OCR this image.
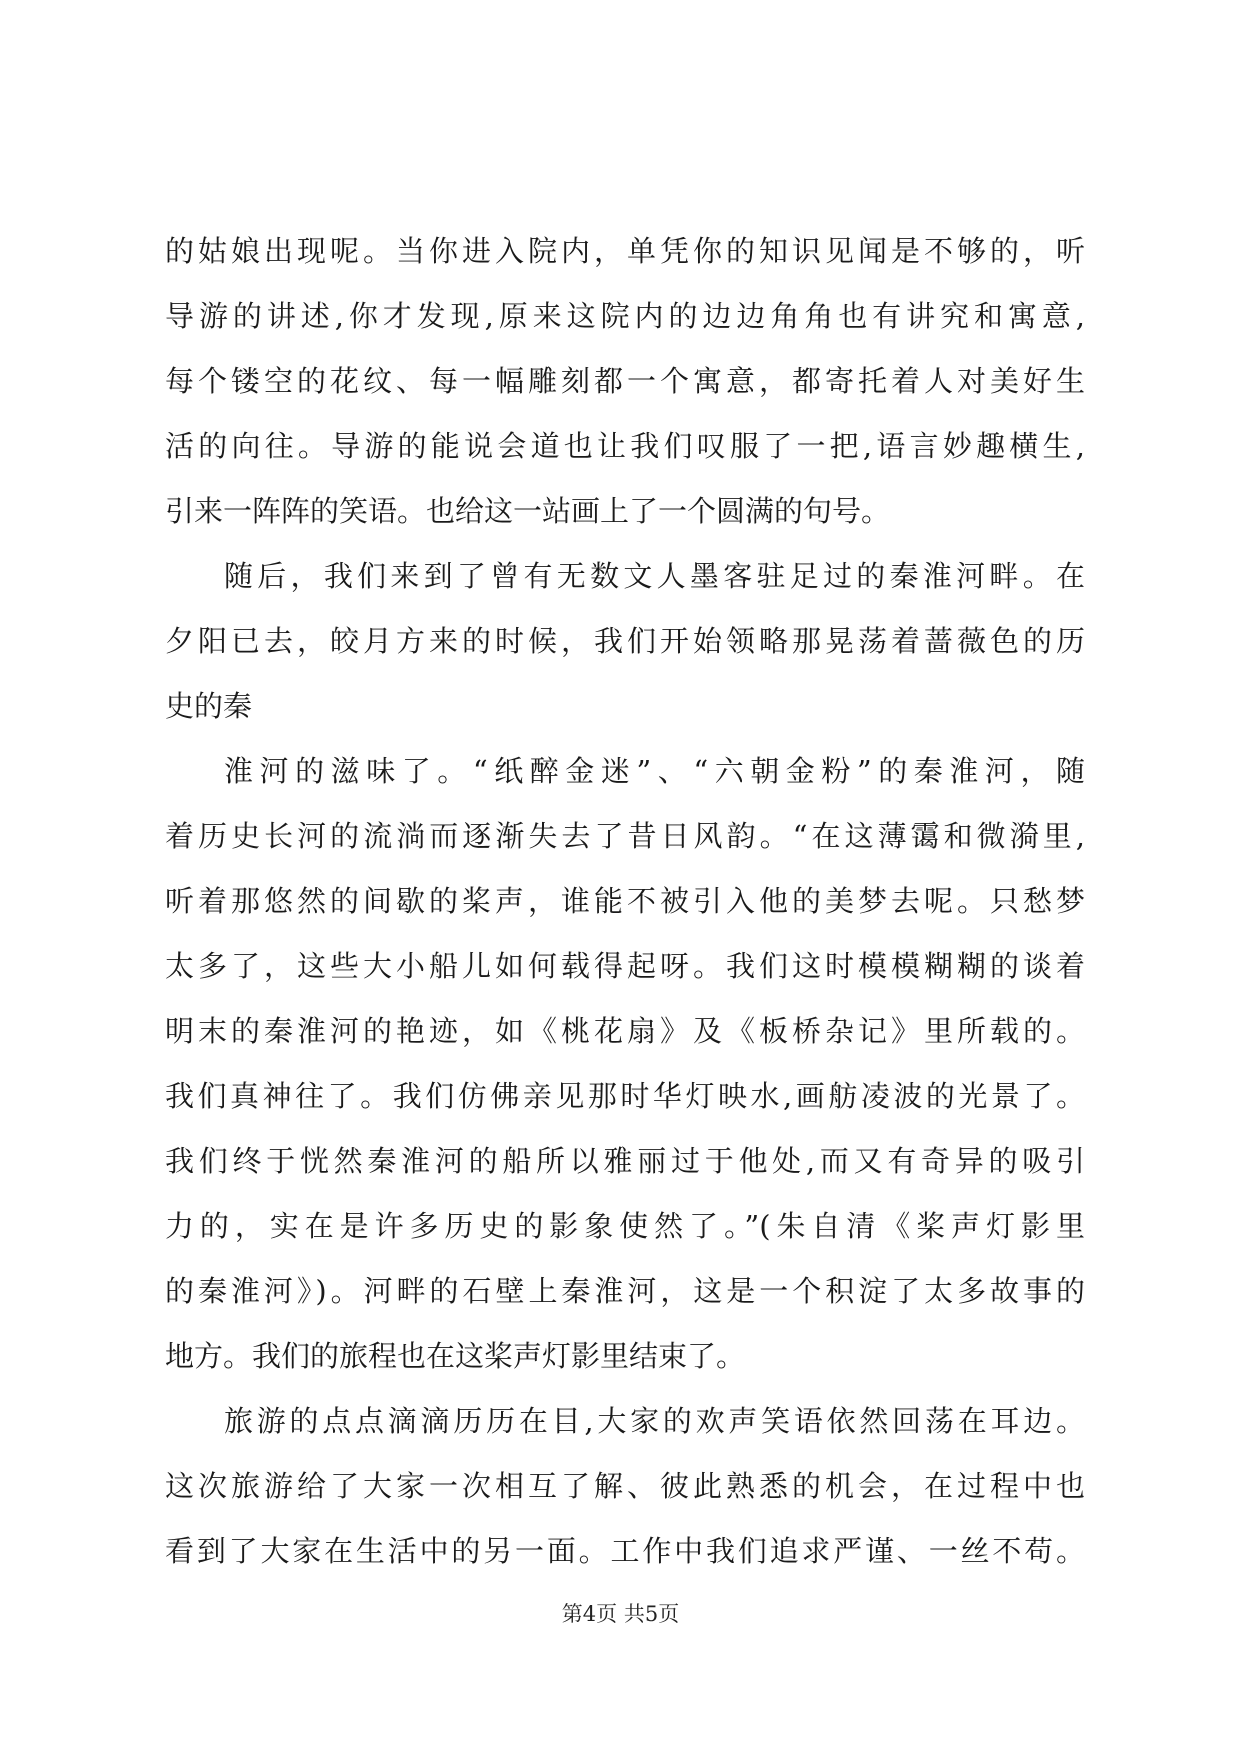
的姑娘出现呢。当你进入院内，单凭你的知识见闻是不够的，听
导游的讲述,你才发现,原来这院内的边边角角也有讲究和寓意,
每个镂空的花纹、每一幅雕刻都一个寓意，都寄托着人对美好生
活的向往。导游的能说会道也让我们叹服了一把,语言妙趣横生,
引来一阵阵的笑语。也给这一站画上了一个圆满的句号。
随后，我们来到了曾有无数文人墨客驻足过的秦淮河畔。在
夕阳已去，皎月方来的时候，我们开始领略那晃荡着蔷薇色的历
史的秦
淮河的滋味了。“纸醉金迷”、“六朝金粉”的秦淮河，随
着历史长河的流淌而逐渐失去了昔日风韵。“在这薄霭和微漪里,
听着那悠然的间歇的桨声，谁能不被引入他的美梦去呢。只愁梦
太多了，这些大小船儿如何载得起呀。我们这时模模糊糊的谈着
明末的秦淮河的艳迹，如《桃花扇》及《板桥杂记》里所载的。
我们真神往了。我们仿佛亲见那时华灯映水,画舫凌波的光景了。
我们终于恍然秦淮河的船所以雅丽过于他处,而又有奇异的吸引
力的，实在是许多历史的影象使然了。”(朱自清《桨声灯影里
的秦淮河》)。河畔的石壁上秦淮河，这是一个积淀了太多故事的
地方。我们的旅程也在这桨声灯影里结束了。
旅游的点点滴滴历历在目,大家的欢声笑语依然回荡在耳边。
这次旅游给了大家一次相互了解、彼此熟悉的机会，在过程中也
看到了大家在生活中的另一面。工作中我们追求严谨、一丝不苟。
第4页 共5页
